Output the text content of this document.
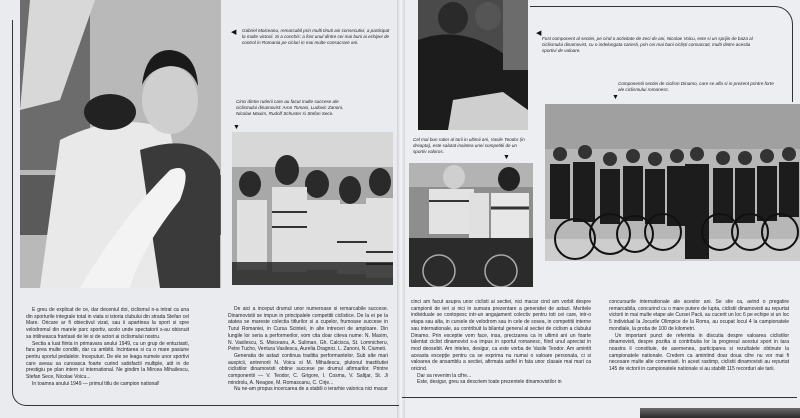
◀ Gabriel Moiceanu, remarcabil prin multi tinuti ani consecutivi, a participat la multe victorii. Si a conchis: a fost unul dintre cei mai buni ai echipei de control in Romania pe cicluri in mai multe consacrare ani.
Cinci dintre rutierii care au facut multe succese ale ciclismului dinamovist: Aron Tomasi, Ludovic Zanoni, Nicolae Maxim, Rudolf Schuster si Stefan Sece.
▼

E greu de explicat de ce, dar deceniul doi, ciclismul n-a intrat ca una din sporturile integrale total in viata si istoria clubului din strada Stefan cel Mare. Oricare ar fi obiectivul vizat, sau ii apartinea la sport si spre velodromul din marele parc sportiv, acolo unde spectatorii s-au obisnuit sa intilneasca frantasii de lei si de actori ai ciclismului nostru.

Sectia a luat fiinta in primavara anului 1949, cu un grup de entuziasti, fara prea multe conditii, dar cu ambitii. Incintarea si cu o mare pasiune pentru sportul pedalelor. Inceputuri. De ele se leaga numele unor sportivi care aveau sa cunoasca foarte curind satisfactii multiple, atit in de prestigiu pe plan intern si international. Ne gindim la Mircea Mihailescu, Stefan Sece, Nicolae Voicu...

In toamna anului 1949 — primul titlu de campion national!

De aici a inceput drumul unor numeroase si remarcabile succese. Dinamovistii se impun in principalele competitii ciclistice. De la ei pe la atatea se mareste colectia titlurilor si a cupelor, frumoase succese in Turul Romaniei, in Cursa Scinteii, in alte intreceri de amploare. Din lungile lor seria a performerilor, vom cita doar citeva nume: N. Maxim, N. Vasilescu, S. Moiceanu, A. Suliman, Gh. Calcisca, St. Lomnicheru, Petre Tucho, Ventura Vasilescu, Aurelia Dragnici, L. Zanoni, N. Ciumeti.

Generatia de astazi continua traditia performantelor. Sub alte mari auspicii, antrenorii N. Voicu si M. Mihailescu, plutonul inastitutiei ciclistilor dinamovisti obtine succese pe drumul afirmarilor. Printre componentii — V. Teodor, C. Grigore, I. Cosma, V. Saltjar, St. Ji mindrolu, A. Neagoe, M. Romascanu, C. Cirje...

Nu ne-am propus incercarea de a stabili o ierarhie valorica nici macar

◀
Fost component al sectiei, pe cind o activitate de zeci de ani, Nicolae Voicu, este si un sprijin de baza al ciclismului dinamovist, cu o indelungata carieră, prin cei mai buni cicliști consacrati, multi dintre acestia sportivi de valoare.
Componentii sectiei de ciclism Dinamo, care se afla si in prezent printre forte ale ciclismului romanesc.
▼
Cel mai bun rutier al tarii in ultimii ani, Vasile Teodor (in dreapta), este salutat inaintea unei competitii de un sportiv valoros.
▼

cinci am facut asupra unor ciclisti ai sectiei, nici macar cind am vorbit despre campionii de ieri si nici in sumara prezentare a generatiei de astazi. Meritele individuale se contopesc intr-un angajament colectiv pentru toti cei care, intr-o etapa sau alta, in cursele de velodrom sau in cele de sosea, in competitii interne sau internationale, au contribuit la bilantul general al sectiei de ciclism a clubului Dinamo. Prin exceptie vom face, insa, precizarea ca in ultimii ani un foarte talentat ciclist dinamovist s-a impus in sportul romanesc, fiind unul apreciat in mod deosebit. Am inteles, desigur, ca este vorba de Vasile Teodor. Am amintit aceasta excepție pentru ca se exprima nu numai o valoare personala, ci si valoarea de ansamblu a sectiei, afirmata astfel in fata unor clasaie mai mari ca oricind.

Dar sa revenim la cifre...

Este, desigur, greu sa descriem toate prezentele dinamovistilor in

concursurile internationale ale acestor ani. Se stie ca, avind o pregatire remarcabila, concurind cu o mare putere de lupta, ciclistii dinamovisti au repurtat victorii in mai multe etape ale Cursei Pacii, au cucerit un loc 6 pe echipe si un loc 5 individual la Jocurile Olimpice de la Roma, au ocupat locul 4 la campionatele mondiale, la proba de 100 de kilometri.

Un important punct de referinta in discutia despre valoarea ciclistilor dinamovisti, despre pozitia si contributia lor la progresul acestui sport in tara noastra il constituie, de asemenea, participarea si rezultatele obtinute la campionatele nationale. Credem ca amintind doar doua cifre nu vor mai fi necesare multe alte comentarii. In acest rastimp, ciclistii dinamovisti au repurtat 145 de victorii in campionatele nationale si au stabilit 115 recorduri ale tarii.
